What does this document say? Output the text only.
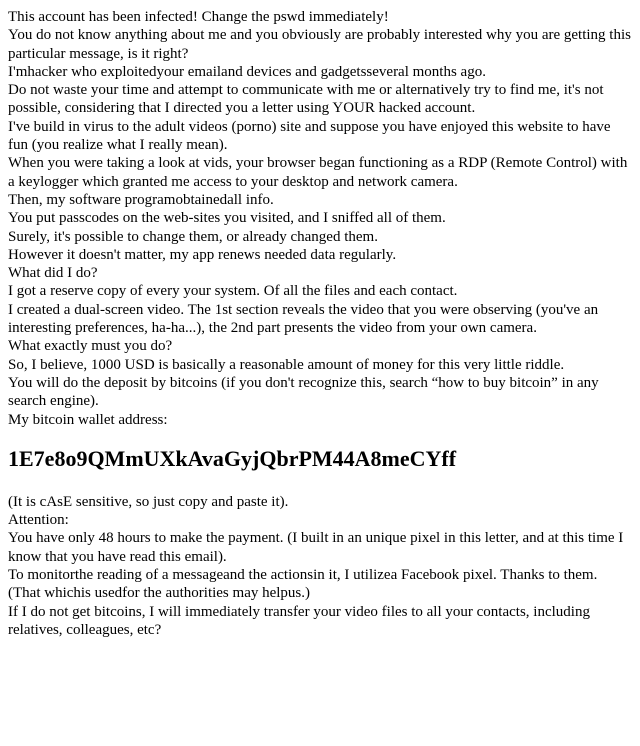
This account has been infected! Change the pswd immediately!

You do not know anything about me and you obviously are probably interested why you are getting this particular message, is it right?

I'mhacker who exploitedyour emailand devices and gadgetsseveral months ago.

Do not waste your time and attempt to communicate with me or alternatively try to find me, it's not possible, considering that I directed you a letter using YOUR hacked account.

I've build in virus to the adult videos (porno) site and suppose you have enjoyed this website to have fun (you realize what I really mean).

When you were taking a look at vids, your browser began functioning as a RDP (Remote Control) with a keylogger which granted me access to your desktop and network camera.

Then, my software programobtainedall info.

You put passcodes on the web-sites you visited, and I sniffed all of them.

Surely, it's possible to change them, or already changed them.

However it doesn't matter, my app renews needed data regularly.

What did I do?

I got a reserve copy of every your system. Of all the files and each contact.

I created a dual-screen video. The 1st section reveals the video that you were observing (you've an interesting preferences, ha-ha...), the 2nd part presents the video from your own camera.

What exactly must you do?

So, I believe, 1000 USD is basically a reasonable amount of money for this very little riddle.

You will do the deposit by bitcoins (if you don't recognize this, search “how to buy bitcoin” in any search engine).

My bitcoin wallet address:

1E7e8o9QMmUXkAvaGyjQbrPM44A8meCYff

(It is cAsE sensitive, so just copy and paste it).

Attention:

You have only 48 hours to make the payment. (I built in an unique pixel in this letter, and at this time I know that you have read this email).

To monitorthe reading of a messageand the actionsin it, I utilizea Facebook pixel. Thanks to them. (That whichis usedfor the authorities may helpus.)

If I do not get bitcoins, I will immediately transfer your video files to all your contacts, including relatives, colleagues, etc?
